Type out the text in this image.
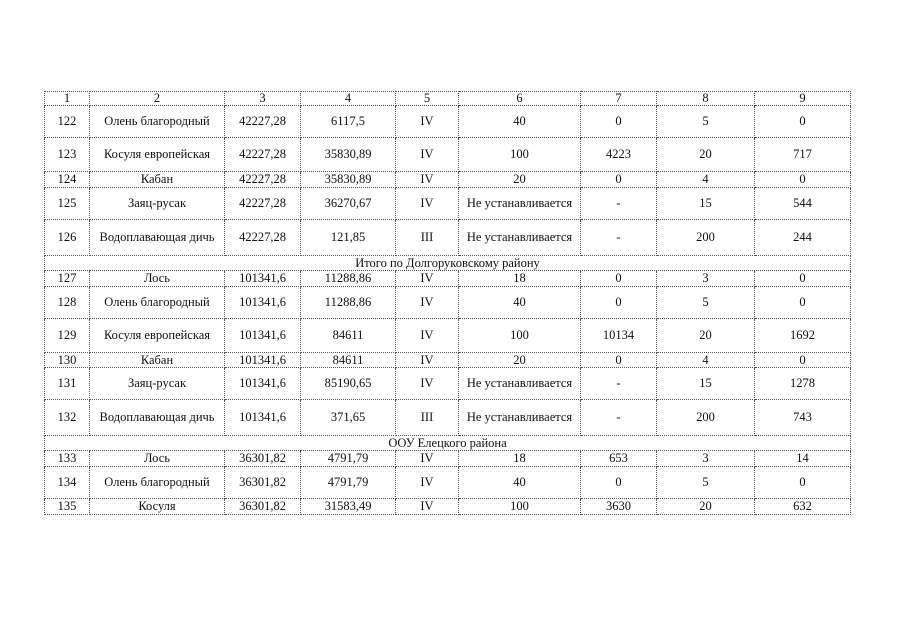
1	2	3	4	5	6	7	8	9
122	Олень благородный	42227,28	6117,5	IV	40	0	5	0
123	Косуля европейская	42227,28	35830,89	IV	100	4223	20	717
124	Кабан	42227,28	35830,89	IV	20	0	4	0
125	Заяц-русак	42227,28	36270,67	IV	Не устанавливается	-	15	544
126	Водоплавающая дичь	42227,28	121,85	III	Не устанавливается	-	200	244
Итого по Долгоруковскому району								
127	Лось	101341,6	11288,86	IV	18	0	3	0
128	Олень благородный	101341,6	11288,86	IV	40	0	5	0
129	Косуля европейская	101341,6	84611	IV	100	10134	20	1692
130	Кабан	101341,6	84611	IV	20	0	4	0
131	Заяц-русак	101341,6	85190,65	IV	Не устанавливается	-	15	1278
132	Водоплавающая дичь	101341,6	371,65	III	Не устанавливается	-	200	743
ООУ Елецкого района								
133	Лось	36301,82	4791,79	IV	18	653	3	14
134	Олень благородный	36301,82	4791,79	IV	40	0	5	0
135	Косуля	36301,82	31583,49	IV	100	3630	20	632
